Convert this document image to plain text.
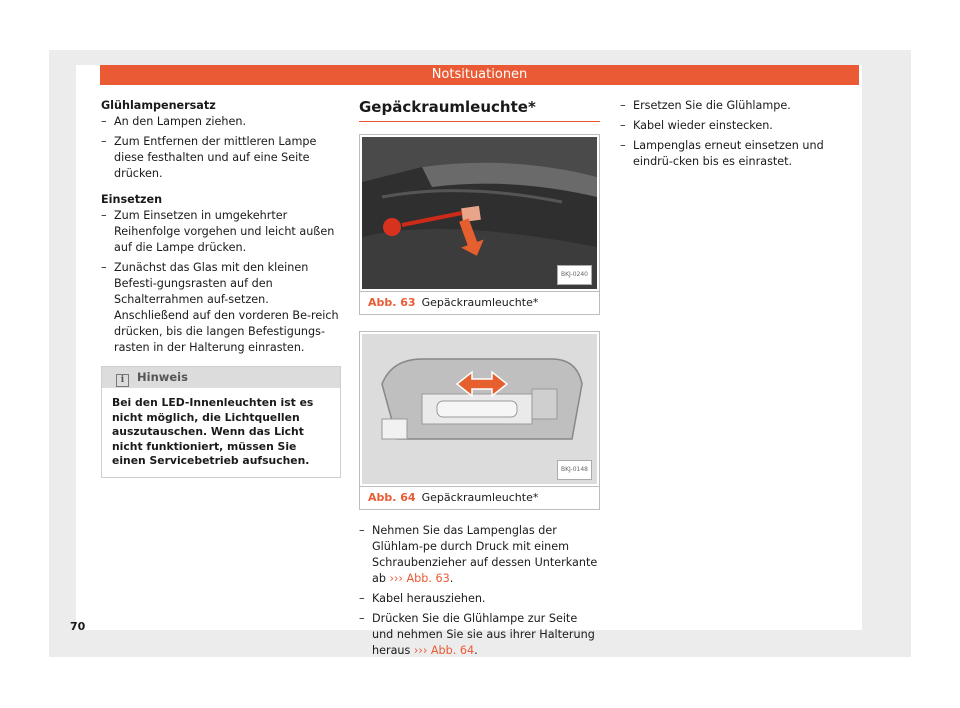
Notsituationen

Glühlampenersatz

– An den Lampen ziehen.
– Zum Entfernen der mittleren Lampe diese festhalten und auf eine Seite drücken.

Einsetzen

– Zum Einsetzen in umgekehrter Reihenfolge vorgehen und leicht außen auf die Lampe drücken.
– Zunächst das Glas mit den kleinen Befesti-gungsrasten auf den Schalterrahmen auf-setzen. Anschließend auf den vorderen Be-reich drücken, bis die langen Befestigungs-rasten in der Halterung einrasten.
i Hinweis
Bei den LED-Innenleuchten ist es nicht möglich, die Lichtquellen auszutauschen. Wenn das Licht nicht funktioniert, müssen Sie einen Servicebetrieb aufsuchen.

Gepäckraumleuchte*

BKJ-0240
Abb. 63 Gepäckraumleuchte*
BKJ-0148
Abb. 64 Gepäckraumleuchte*
– Nehmen Sie das Lampenglas der Glühlam-pe durch Druck mit einem Schraubenzieher auf dessen Unterkante ab ››› Abb. 63.
– Kabel herausziehen.
– Drücken Sie die Glühlampe zur Seite und nehmen Sie sie aus ihrer Halterung heraus ››› Abb. 64.
– Ersetzen Sie die Glühlampe.
– Kabel wieder einstecken.
– Lampenglas erneut einsetzen und eindrü-cken bis es einrastet.
70
